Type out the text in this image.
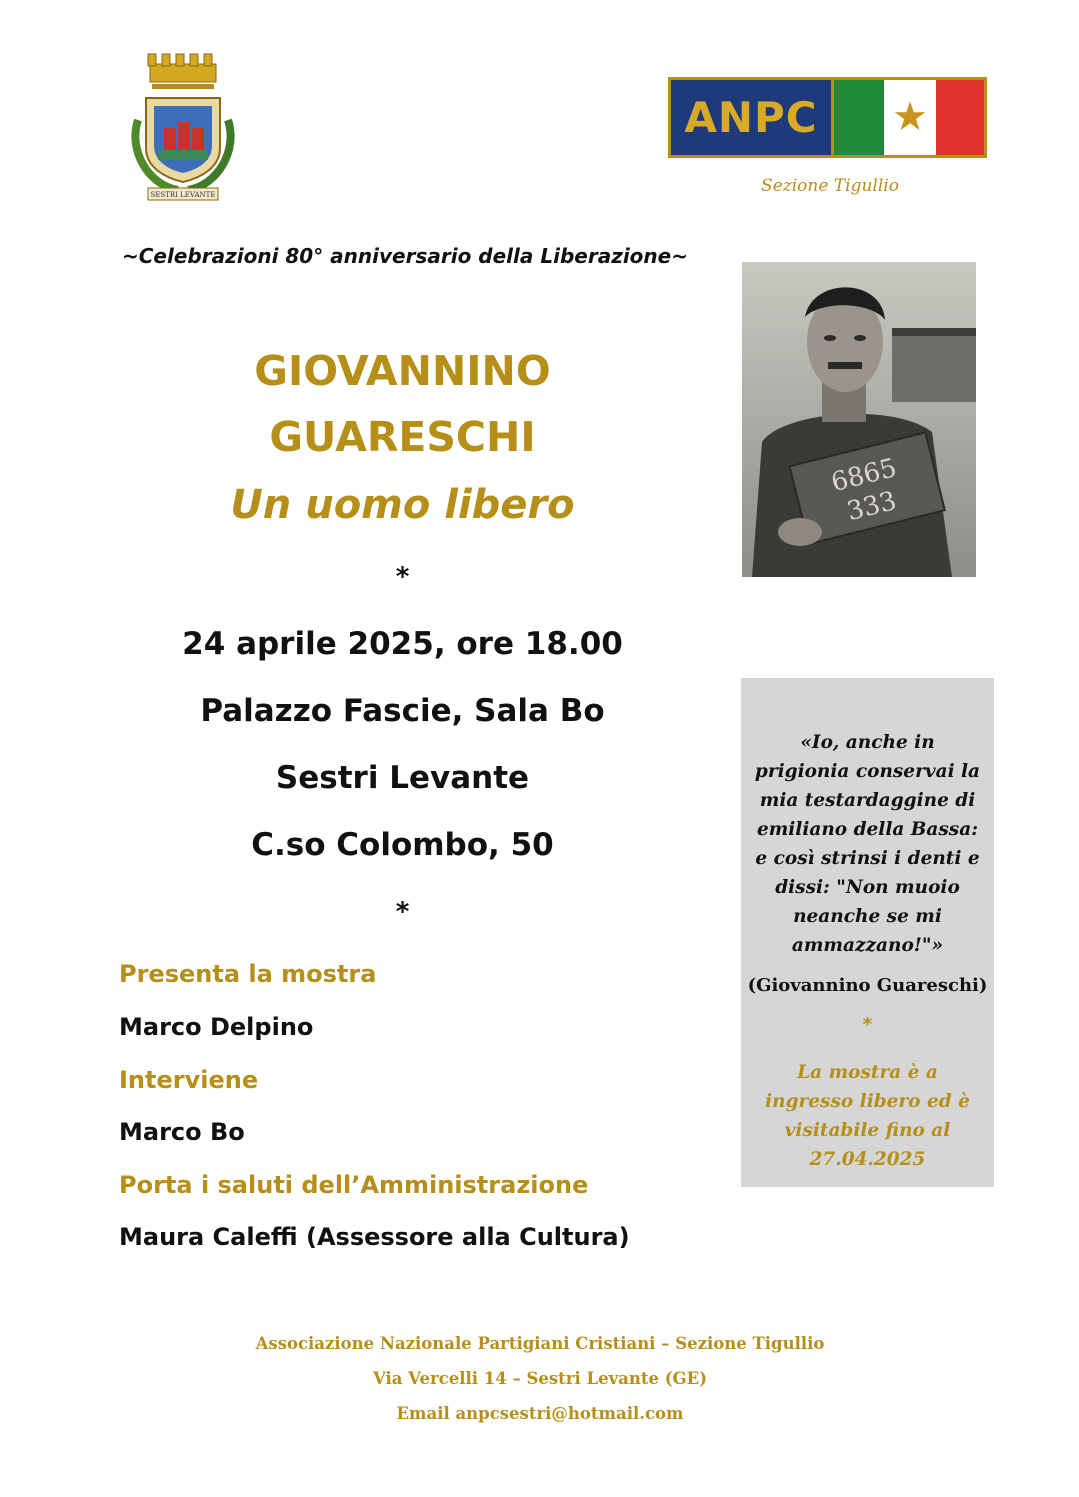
SESTRI LEVANTE
ANPC	★
Sezione Tigullio
~Celebrazioni 80° anniversario della Liberazione~
GIOVANNINO
GUARESCHI
Un uomo libero
*
24 aprile 2025, ore 18.00
Palazzo Fascie, Sala Bo
Sestri Levante
C.so Colombo, 50
*
Presenta la mostra
Marco Delpino
Interviene
Marco Bo
Porta i saluti dell’Amministrazione
Maura Caleffi (Assessore alla Cultura)
6865
333
«Io, anche in prigionia conservai la mia testardaggine di emiliano della Bassa: e così strinsi i denti e dissi: "Non muoio neanche se mi ammazzano!"»
(Giovannino Guareschi)
*
La mostra è a ingresso libero ed è visitabile fino al 27.04.2025
Associazione Nazionale Partigiani Cristiani – Sezione Tigullio
Via Vercelli 14 – Sestri Levante (GE)
Email anpcsestri@hotmail.com
